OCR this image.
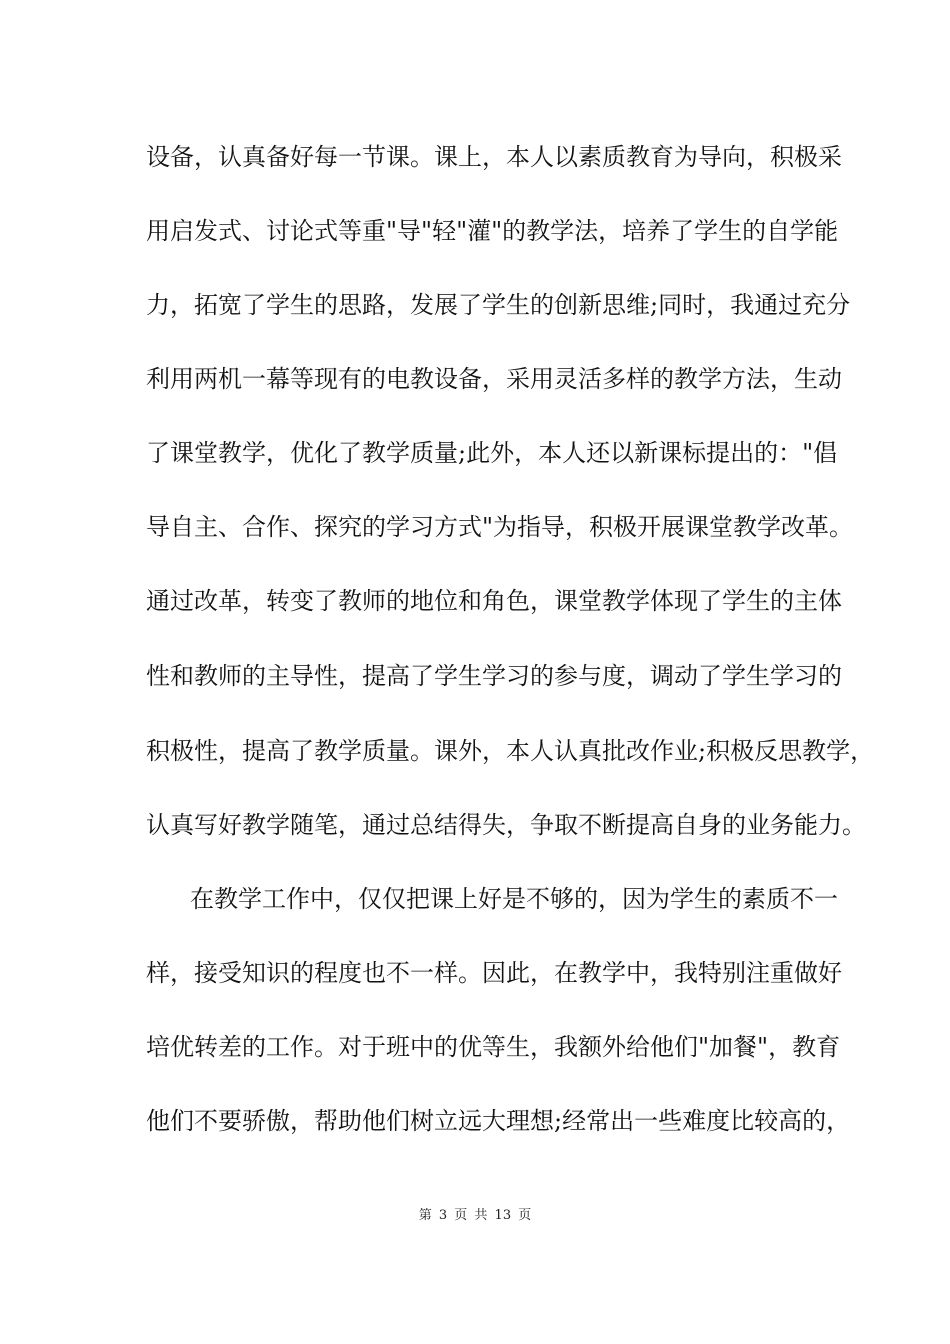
设备，认真备好每一节课。课上，本人以素质教育为导向，积极采
用启发式、讨论式等重"导"轻"灌"的教学法，培养了学生的自学能
力，拓宽了学生的思路，发展了学生的创新思维;同时，我通过充分
利用两机一幕等现有的电教设备，采用灵活多样的教学方法，生动
了课堂教学，优化了教学质量;此外，本人还以新课标提出的："倡
导自主、合作、探究的学习方式"为指导，积极开展课堂教学改革。
通过改革，转变了教师的地位和角色，课堂教学体现了学生的主体
性和教师的主导性，提高了学生学习的参与度，调动了学生学习的
积极性，提高了教学质量。课外，本人认真批改作业;积极反思教学，
认真写好教学随笔，通过总结得失，争取不断提高自身的业务能力。
在教学工作中，仅仅把课上好是不够的，因为学生的素质不一
样，接受知识的程度也不一样。因此，在教学中，我特别注重做好
培优转差的工作。对于班中的优等生，我额外给他们"加餐"，教育
他们不要骄傲，帮助他们树立远大理想;经常出一些难度比较高的，
第 3 页 共 13 页
